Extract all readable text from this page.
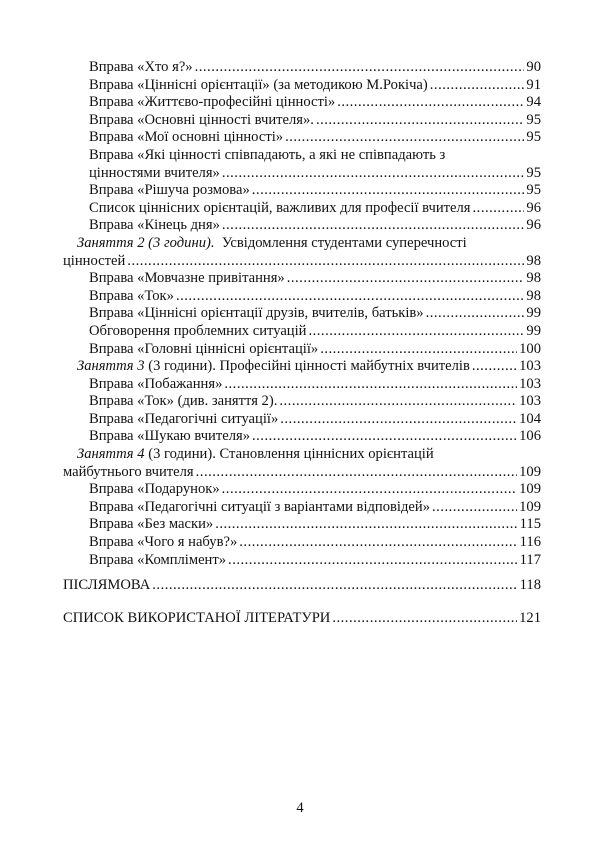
Вправа «Хто я?» .....	90
Вправа «Ціннісні орієнтації» (за методикою М.Рокіча) .....	91
Вправа «Життєво-професійні цінності» .....	94
Вправа «Основні цінності вчителя». .....	95
Вправа «Мої основні цінності» .....	95
Вправа «Які цінності співпадають, а які не співпадають з
цінностями вчителя» .....	95
Вправа «Рішуча розмова» .....	95
Список ціннісних орієнтацій, важливих для професії вчителя .....	96
Вправа «Кінець дня» .....	96
Заняття 2 (3 години). Усвідомлення студентами суперечності
цінностей .....	98
Вправа «Мовчазне привітання» .....	98
Вправа «Ток» .....	98
Вправа «Ціннісні орієнтації друзів, вчителів, батьків» .....	99
Обговорення проблемних ситуацій .....	99
Вправа «Головні ціннісні орієнтації» .....	100
Заняття 3 (3 години). Професійні цінності майбутніх вчителів .....	103
Вправа «Побажання» .....	103
Вправа «Ток» (див. заняття 2). .....	103
Вправа «Педагогічні ситуації» .....	104
Вправа «Шукаю вчителя» .....	106
Заняття 4 (3 години). Становлення ціннісних орієнтацій
майбутнього вчителя .....	109
Вправа «Подарунок» .....	109
Вправа «Педагогічні ситуації з варіантами відповідей» .....	109
Вправа «Без маски» .....	115
Вправа «Чого я набув?» .....	116
Вправа «Комплімент» .....	117
ПІСЛЯМОВА .....	118
СПИСОК ВИКОРИСТАНОЇ ЛІТЕРАТУРИ .....	121
4
